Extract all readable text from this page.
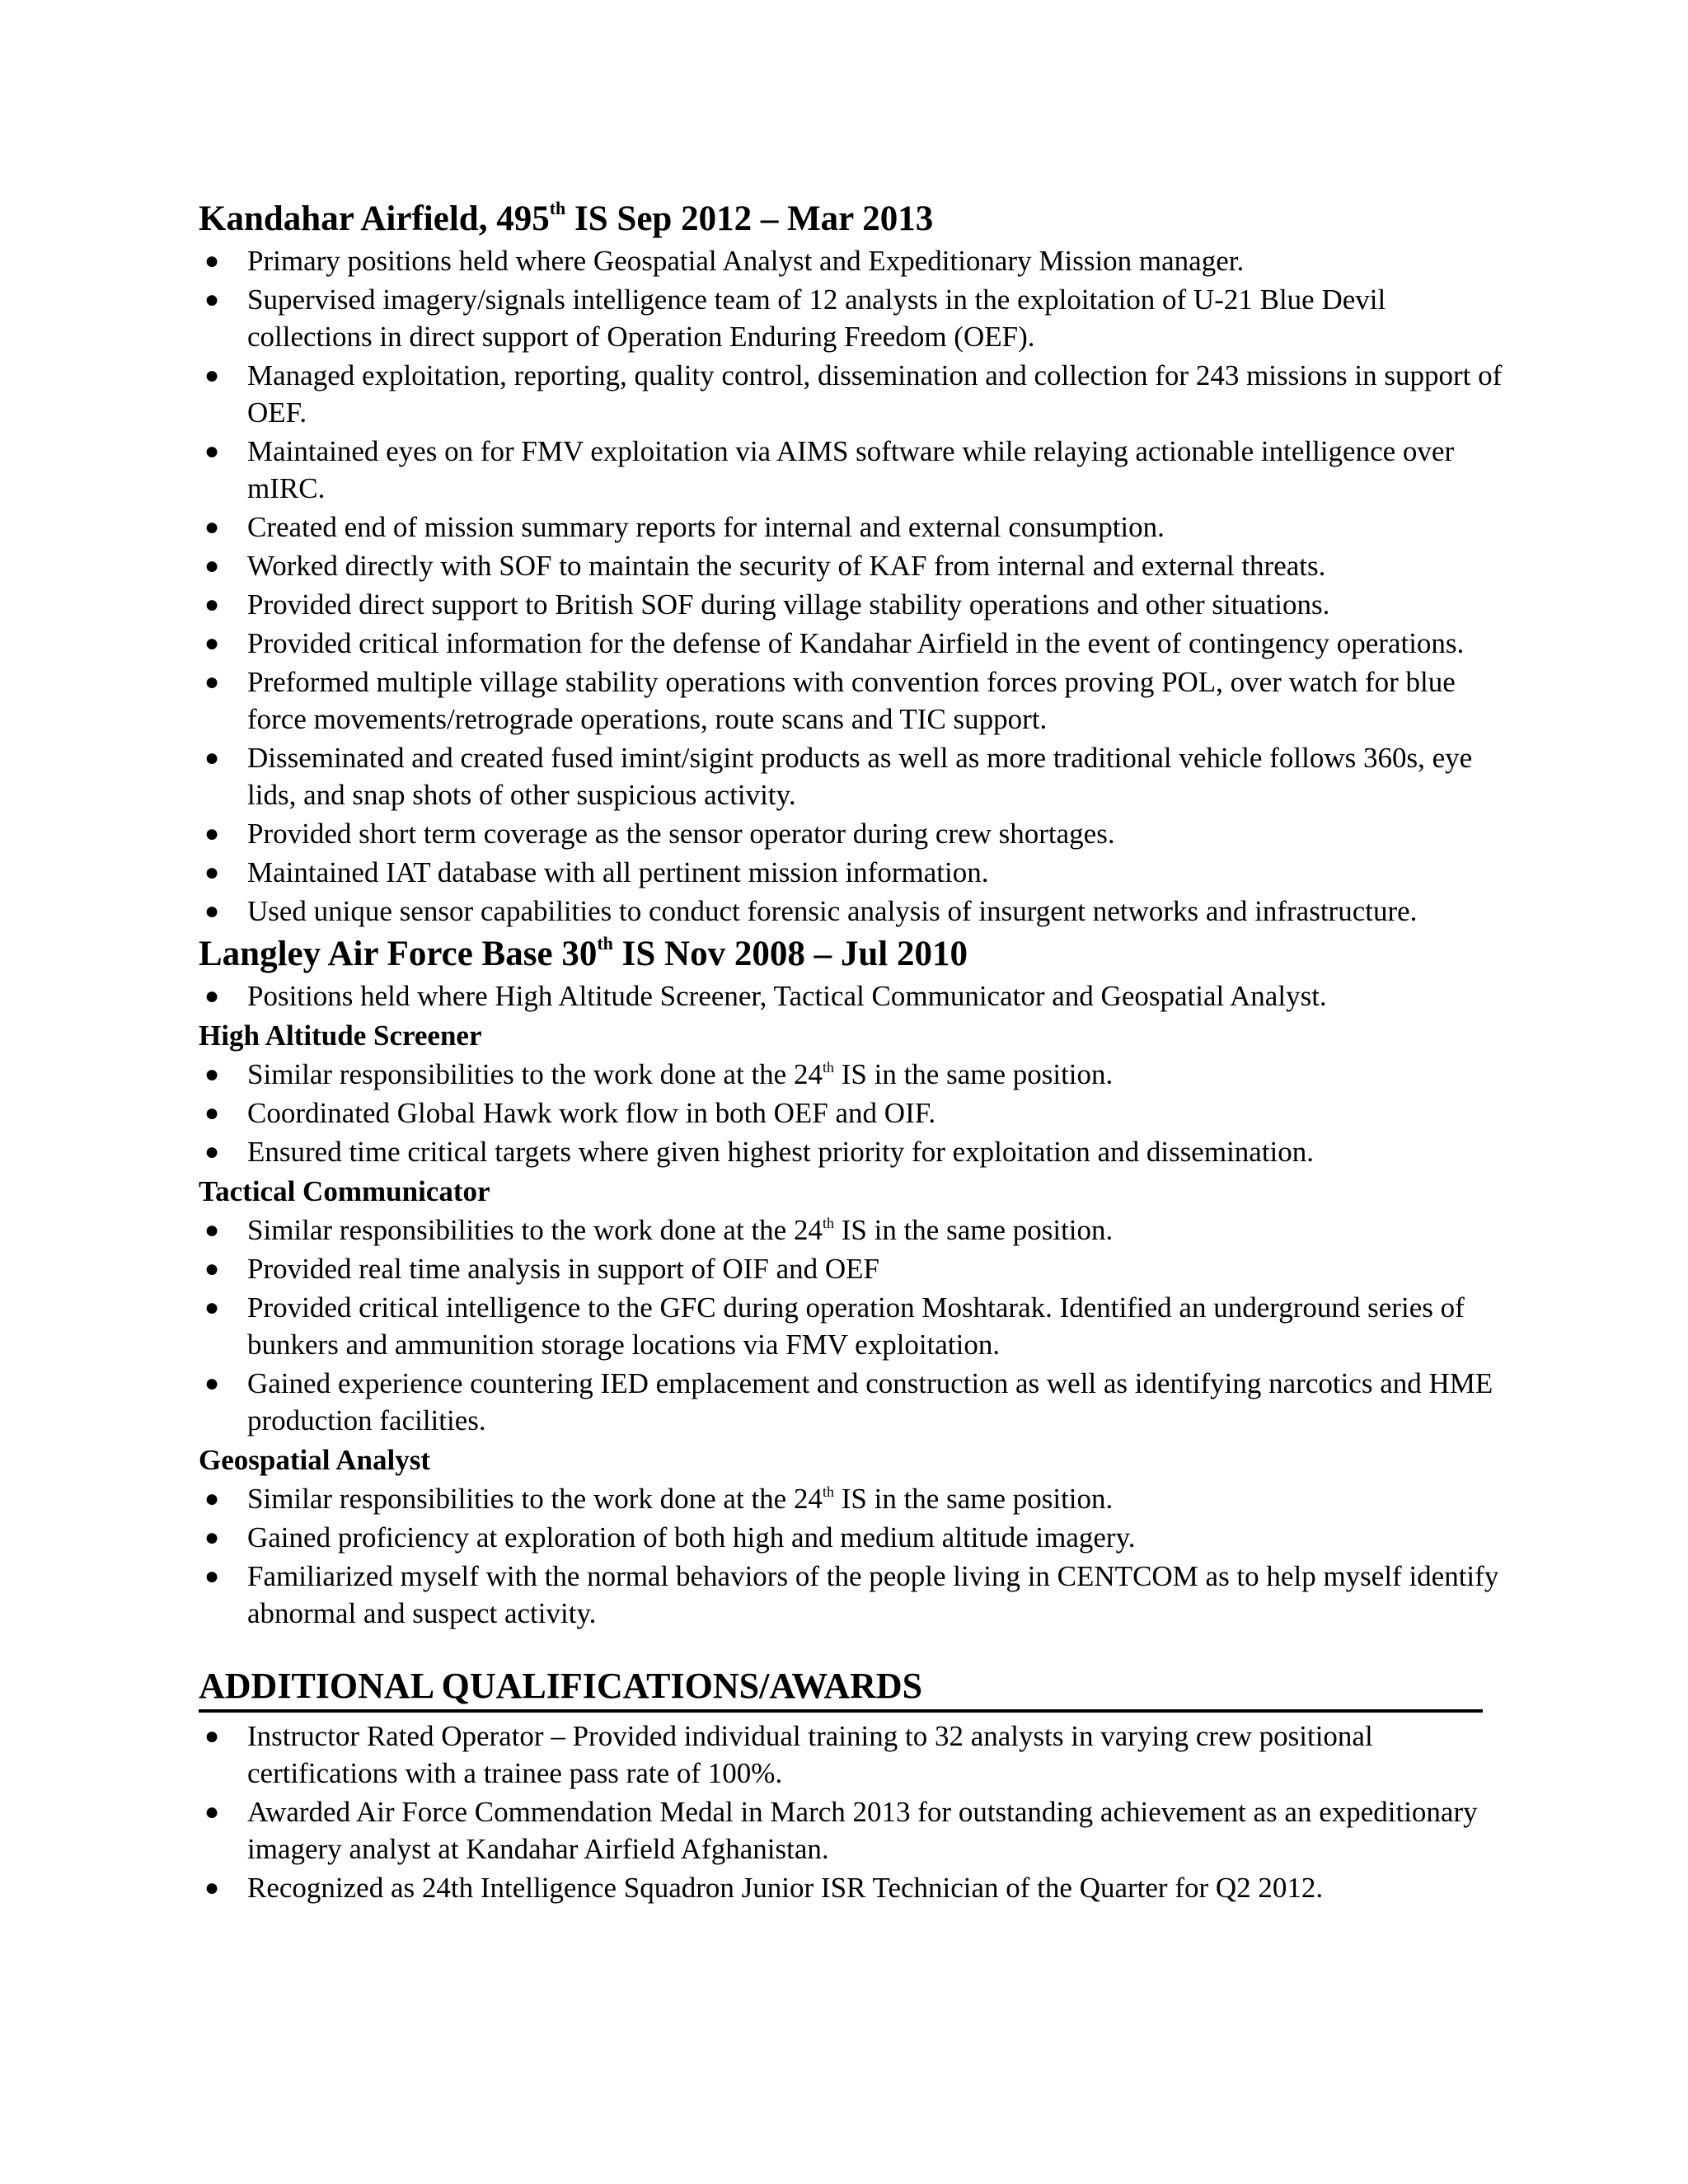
Kandahar Airfield, 495th IS Sep 2012 – Mar 2013
● Primary positions held where Geospatial Analyst and Expeditionary Mission manager.
● Supervised imagery/signals intelligence team of 12 analysts in the exploitation of U-21 Blue Devil collections in direct support of Operation Enduring Freedom (OEF).
● Managed exploitation, reporting, quality control, dissemination and collection for 243 missions in support of OEF.
● Maintained eyes on for FMV exploitation via AIMS software while relaying actionable intelligence over mIRC.
● Created end of mission summary reports for internal and external consumption.
● Worked directly with SOF to maintain the security of KAF from internal and external threats.
● Provided direct support to British SOF during village stability operations and other situations.
● Provided critical information for the defense of Kandahar Airfield in the event of contingency operations.
● Preformed multiple village stability operations with convention forces proving POL, over watch for blue force movements/retrograde operations, route scans and TIC support.
● Disseminated and created fused imint/sigint products as well as more traditional vehicle follows 360s, eye lids, and snap shots of other suspicious activity.
● Provided short term coverage as the sensor operator during crew shortages.
● Maintained IAT database with all pertinent mission information.
● Used unique sensor capabilities to conduct forensic analysis of insurgent networks and infrastructure.
Langley Air Force Base 30th IS Nov 2008 – Jul 2010
● Positions held where High Altitude Screener, Tactical Communicator and Geospatial Analyst.
High Altitude Screener
● Similar responsibilities to the work done at the 24th IS in the same position.
● Coordinated Global Hawk work flow in both OEF and OIF.
● Ensured time critical targets where given highest priority for exploitation and dissemination.
Tactical Communicator
● Similar responsibilities to the work done at the 24th IS in the same position.
● Provided real time analysis in support of OIF and OEF
● Provided critical intelligence to the GFC during operation Moshtarak. Identified an underground series of bunkers and ammunition storage locations via FMV exploitation.
● Gained experience countering IED emplacement and construction as well as identifying narcotics and HME production facilities.
Geospatial Analyst
● Similar responsibilities to the work done at the 24th IS in the same position.
● Gained proficiency at exploration of both high and medium altitude imagery.
● Familiarized myself with the normal behaviors of the people living in CENTCOM as to help myself identify abnormal and suspect activity.
ADDITIONAL QUALIFICATIONS/AWARDS
● Instructor Rated Operator – Provided individual training to 32 analysts in varying crew positional certifications with a trainee pass rate of 100%.
● Awarded Air Force Commendation Medal in March 2013 for outstanding achievement as an expeditionary imagery analyst at Kandahar Airfield Afghanistan.
● Recognized as 24th Intelligence Squadron Junior ISR Technician of the Quarter for Q2 2012.
